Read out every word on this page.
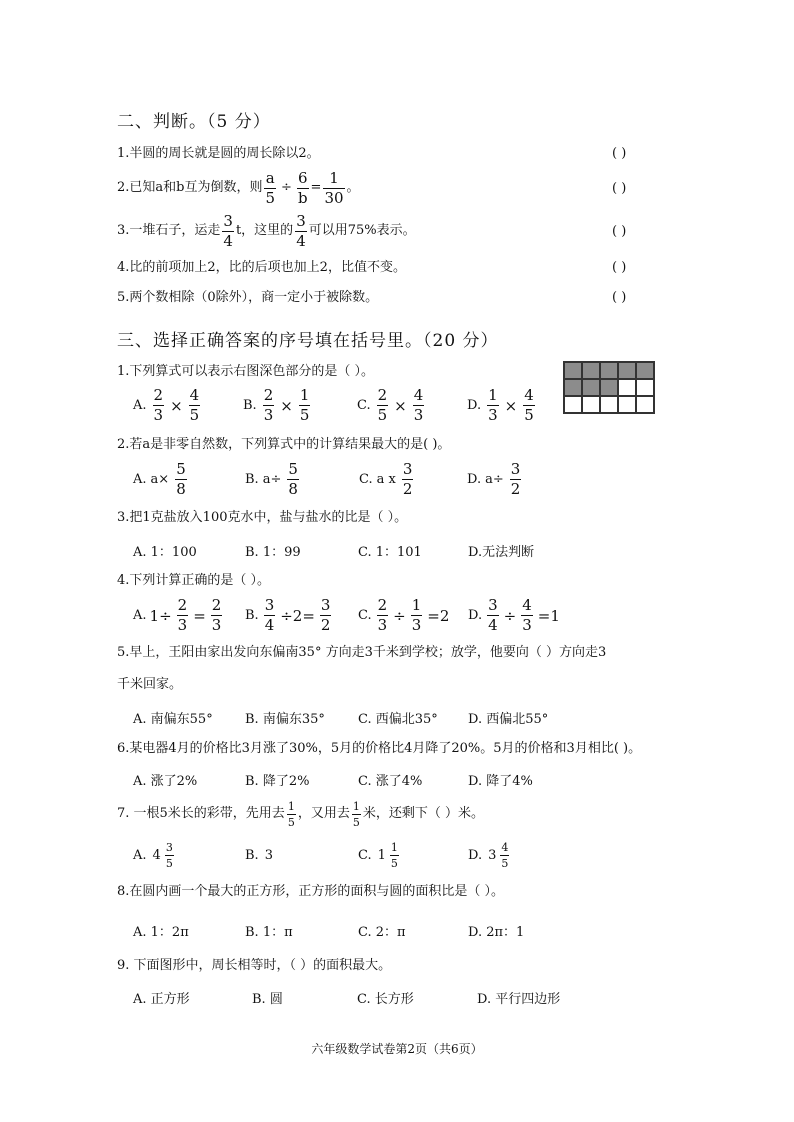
二、判断。（5 分）
1.半圆的周长就是圆的周长除以2。	( )
2.已知a和b互为倒数，则 $\frac{a}{5} \div \frac{6}{b} = \frac{1}{30}$ 。	( )
3.一堆石子，运走 $\frac{3}{4}$ t，这里的 $\frac{3}{4}$ 可以用75%表示。	( )
4.比的前项加上2，比的后项也加上2，比值不变。	( )
5.两个数相除（0除外），商一定小于被除数。	( )
三、选择正确答案的序号填在括号里。（20 分）
1.下列算式可以表示右图深色部分的是（ ）。
A. $\frac{2}{3} \times \frac{4}{5}$	B. $\frac{2}{3} \times \frac{1}{5}$	C. $\frac{2}{5} \times \frac{4}{3}$	D. $\frac{1}{3} \times \frac{4}{5}$
2.若a是非零自然数，下列算式中的计算结果最大的是( )。
A. $a\times \frac{5}{8}$	B. $a\div \frac{5}{8}$	C. a x $\frac{3}{2}$	D. $a\div \frac{3}{2}$
3.把1克盐放入100克水中，盐与盐水的比是（ ）。
A. 1：100	B. 1：99	C. 1：101	D.无法判断
4.下列计算正确的是（ ）。
A. $1\div \frac{2}{3} = \frac{2}{3} B$. $\frac{3}{4} \div 2= \frac{3}{2} C$. $\frac{2}{3} \div \frac{1}{3} =2$ D. $\frac{3}{4} \div \frac{4}{3} =1$
5.早上，王阳由家出发向东偏南35° 方向走3千米到学校；放学，他要向（ ）方向走3
千米回家。
A. 南偏东55° B. 南偏东35°	C. 西偏北35° D. 西偏北55°
6.某电器4月的价格比3月涨了30%，5月的价格比4月降了20%。5月的价格和3月相比( )。
A. 涨了2%	B. 降了2%	C. 涨了4%	D. 降了4%
7. 一根5米长的彩带，先用去 $\frac{1}{5}$ ，又用去 $\frac{1}{5}$ 米，还剩下（ ）米。
A. $4 \frac{3}{5}$	B. 3	C. $1 \frac{1}{5}$	D. $3 \frac{4}{5}$
8.在圆内画一个最大的正方形，正方形的面积与圆的面积比是（ ）。
A. 1：2π	B. 1：π	C. 2：π	D. 2π：1
9. 下面图形中，周长相等时，（ ）的面积最大。
A. 正方形	B. 圆	C. 长方形	D. 平行四边形
六年级数学试卷第2页（共6页）
